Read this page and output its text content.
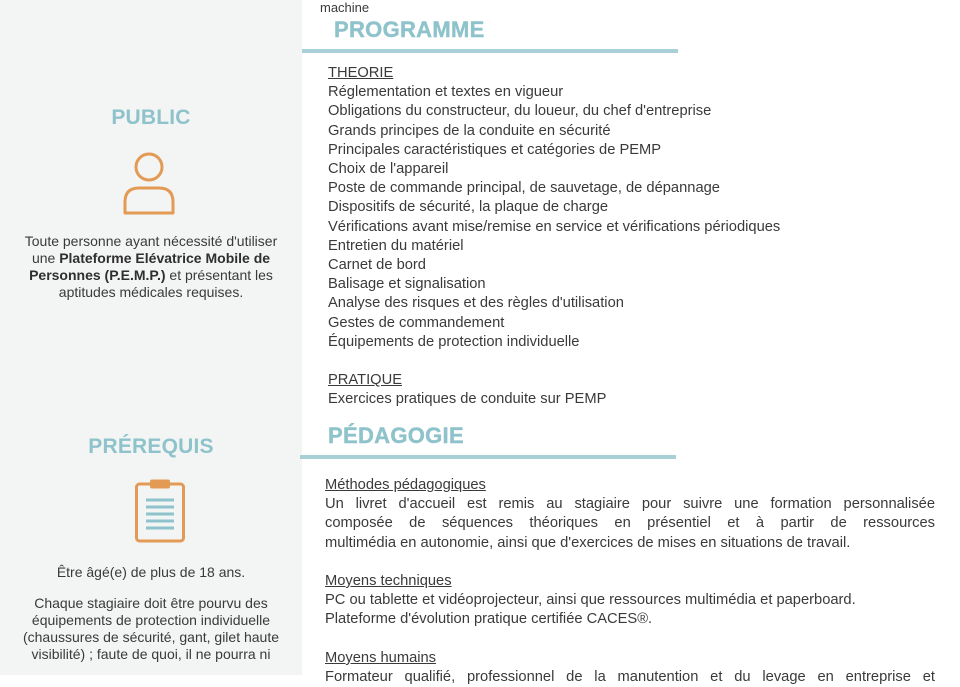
machine
PUBLIC
Toute personne ayant nécessité d'utiliser une Plateforme Elévatrice Mobile de Personnes (P.E.M.P.) et présentant les aptitudes médicales requises.
PRÉREQUIS
Être âgé(e) de plus de 18 ans.
Chaque stagiaire doit être pourvu des équipements de protection individuelle (chaussures de sécurité, gant, gilet haute visibilité) ; faute de quoi, il ne pourra ni
PROGRAMME
THEORIE
Réglementation et textes en vigueur
Obligations du constructeur, du loueur, du chef d'entreprise
Grands principes de la conduite en sécurité
Principales caractéristiques et catégories de PEMP
Choix de l'appareil
Poste de commande principal, de sauvetage, de dépannage
Dispositifs de sécurité, la plaque de charge
Vérifications avant mise/remise en service et vérifications périodiques
Entretien du matériel
Carnet de bord
Balisage et signalisation
Analyse des risques et des règles d'utilisation
Gestes de commandement
Équipements de protection individuelle
PRATIQUE
Exercices pratiques de conduite sur PEMP
PÉDAGOGIE
Méthodes pédagogiques
Un livret d'accueil est remis au stagiaire pour suivre une formation personnalisée
composée de séquences théoriques en présentiel et à partir de ressources
multimédia en autonomie, ainsi que d'exercices de mises en situations de travail.
Moyens techniques
PC ou tablette et vidéoprojecteur, ainsi que ressources multimédia et paperboard.
Plateforme d'évolution pratique certifiée CACES®.
Moyens humains
Formateur qualifié, professionnel de la manutention et du levage en entreprise et
